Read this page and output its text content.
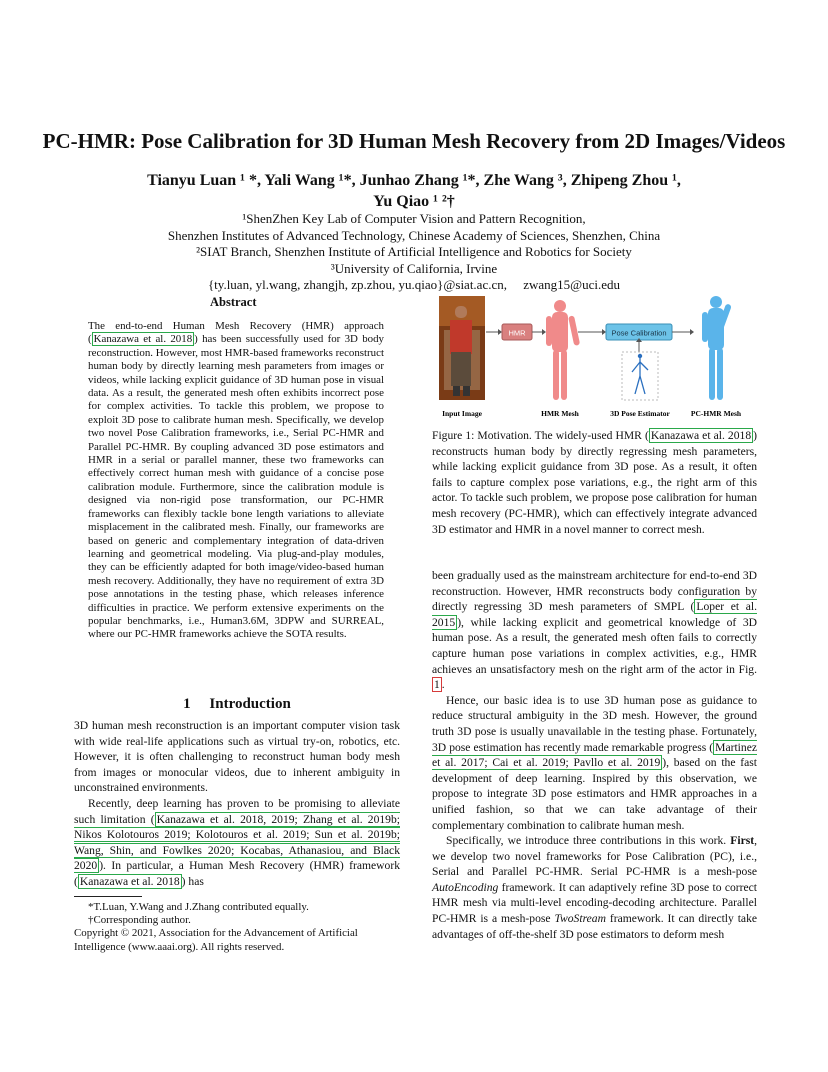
PC-HMR: Pose Calibration for 3D Human Mesh Recovery from 2D Images/Videos
Tianyu Luan ¹ *, Yali Wang ¹*, Junhao Zhang ¹*, Zhe Wang ³, Zhipeng Zhou ¹,
Yu Qiao ¹ ²†
¹ShenZhen Key Lab of Computer Vision and Pattern Recognition,
Shenzhen Institutes of Advanced Technology, Chinese Academy of Sciences, Shenzhen, China
²SIAT Branch, Shenzhen Institute of Artificial Intelligence and Robotics for Society
³University of California, Irvine
{ty.luan, yl.wang, zhangjh, zp.zhou, yu.qiao}@siat.ac.cn,     zwang15@uci.edu
Abstract
The end-to-end Human Mesh Recovery (HMR) approach ( Kanazawa et al. 2018 ) has been successfully used for 3D body reconstruction. However, most HMR-based frameworks reconstruct human body by directly learning mesh parameters from images or videos, while lacking explicit guidance of 3D human pose in visual data. As a result, the generated mesh often exhibits incorrect pose for complex activities. To tackle this problem, we propose to exploit 3D pose to calibrate human mesh. Specifically, we develop two novel Pose Calibration frameworks, i.e., Serial PC-HMR and Parallel PC-HMR. By coupling advanced 3D pose estimators and HMR in a serial or parallel manner, these two frameworks can effectively correct human mesh with guidance of a concise pose calibration module. Furthermore, since the calibration module is designed via non-rigid pose transformation, our PC-HMR frameworks can flexibly tackle bone length variations to alleviate misplacement in the calibrated mesh. Finally, our frameworks are based on generic and complementary integration of data-driven learning and geometrical modeling. Via plug-and-play modules, they can be efficiently adapted for both image/video-based human mesh recovery. Additionally, they have no requirement of extra 3D pose annotations in the testing phase, which releases inference difficulties in practice. We perform extensive experiments on the popular benchmarks, i.e., Human3.6M, 3DPW and SURREAL, where our PC-HMR frameworks achieve the SOTA results.
1     Introduction

3D human mesh reconstruction is an important computer vision task with wide real-life applications such as virtual try-on, robotics, etc. However, it is often challenging to reconstruct human body mesh from images or monocular videos, due to inherent ambiguity in unconstrained environments.

Recently, deep learning has proven to be promising to alleviate such limitation ( Kanazawa et al. 2018, 2019; Zhang et al. 2019b; Nikos Kolotouros 2019; Kolotouros et al. 2019; Sun et al. 2019b; Wang, Shin, and Fowlkes 2020; Kocabas, Athanasiou, and Black 2020 ). In particular, a Human Mesh Recovery (HMR) framework ( Kanazawa et al. 2018 ) has

*T.Luan, Y.Wang and J.Zhang contributed equally.
†Corresponding author.
Copyright © 2021, Association for the Advancement of Artificial Intelligence (www.aaai.org). All rights reserved.
HMR	Pose Calibration
Input Image	HMR Mesh	3D Pose Estimator	PC-HMR Mesh
Figure 1: Motivation. The widely-used HMR ( Kanazawa et al. 2018 ) reconstructs human body by directly regressing mesh parameters, while lacking explicit guidance from 3D pose. As a result, it often fails to capture complex pose variations, e.g., the right arm of this actor. To tackle such problem, we propose pose calibration for human mesh recovery (PC-HMR), which can effectively integrate advanced 3D estimator and HMR in a novel manner to correct mesh.

been gradually used as the mainstream architecture for end-to-end 3D reconstruction. However, HMR reconstructs body configuration by directly regressing 3D mesh parameters of SMPL ( Loper et al. 2015 ), while lacking explicit and geometrical knowledge of 3D human pose. As a result, the generated mesh often fails to correctly capture human pose variations in complex activities, e.g., HMR achieves an unsatisfactory mesh on the right arm of the actor in Fig. 1 .

Hence, our basic idea is to use 3D human pose as guidance to reduce structural ambiguity in the 3D mesh. However, the ground truth 3D pose is usually unavailable in the testing phase. Fortunately, 3D pose estimation has recently made remarkable progress ( Martinez et al. 2017; Cai et al. 2019; Pavllo et al. 2019 ), based on the fast development of deep learning. Inspired by this observation, we propose to integrate 3D pose estimators and HMR approaches in a unified fashion, so that we can take advantage of their complementary combination to calibrate human mesh.

Specifically, we introduce three contributions in this work. First, we develop two novel frameworks for Pose Calibration (PC), i.e., Serial and Parallel PC-HMR. Serial PC-HMR is a mesh-pose AutoEncoding framework. It can adaptively refine 3D pose to correct HMR mesh via multi-level encoding-decoding architecture. Parallel PC-HMR is a mesh-pose TwoStream framework. It can directly take advantages of off-the-shelf 3D pose estimators to deform mesh
